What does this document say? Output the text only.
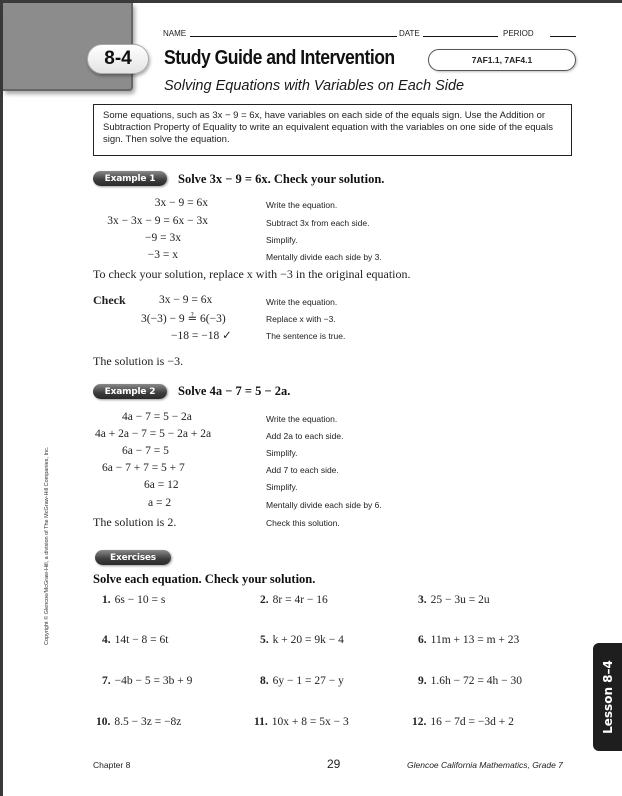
NAME	DATE	PERIOD
8-4	Study Guide and Intervention	7AF1.1, 7AF4.1
Solving Equations with Variables on Each Side
Some equations, such as 3x − 9 = 6x, have variables on each side of the equals sign. Use the Addition or Subtraction Property of Equality to write an equivalent equation with the variables on one side of the equals sign. Then solve the equation.
Example 1	Solve 3x − 9 = 6x. Check your solution.
3x − 9 = 6x	Write the equation.
3x − 3x − 9 = 6x − 3x	Subtract 3x from each side.
−9 = 3x	Simplify.
−3 = x	Mentally divide each side by 3.
To check your solution, replace x with −3 in the original equation.
Check	3x − 9 = 6x	Write the equation.
3(−3) − 9 ≟ 6(−3)	Replace x with −3.
−18 = −18 ✓	The sentence is true.
The solution is −3.
Example 2	Solve 4a − 7 = 5 − 2a.
4a − 7 = 5 − 2a	Write the equation.
4a + 2a − 7 = 5 − 2a + 2a	Add 2a to each side.
6a − 7 = 5	Simplify.
6a − 7 + 7 = 5 + 7	Add 7 to each side.
6a = 12	Simplify.
a = 2	Mentally divide each side by 6.
The solution is 2.	Check this solution.
Exercises
Solve each equation. Check your solution.
1. 6s − 10 = s	2. 8r = 4r − 16	3. 25 − 3u = 2u
4. 14t − 8 = 6t	5. k + 20 = 9k − 4	6. 11m + 13 = m + 23
7. −4b − 5 = 3b + 9	8. 6y − 1 = 27 − y	9. 1.6h − 72 = 4h − 30
10. 8.5 − 3z = −8z	11. 10x + 8 = 5x − 3	12. 16 − 7d = −3d + 2
Copyright © Glencoe/McGraw-Hill, a division of The McGraw-Hill Companies, Inc.
Lesson 8–4
Chapter 8	29	Glencoe California Mathematics, Grade 7
